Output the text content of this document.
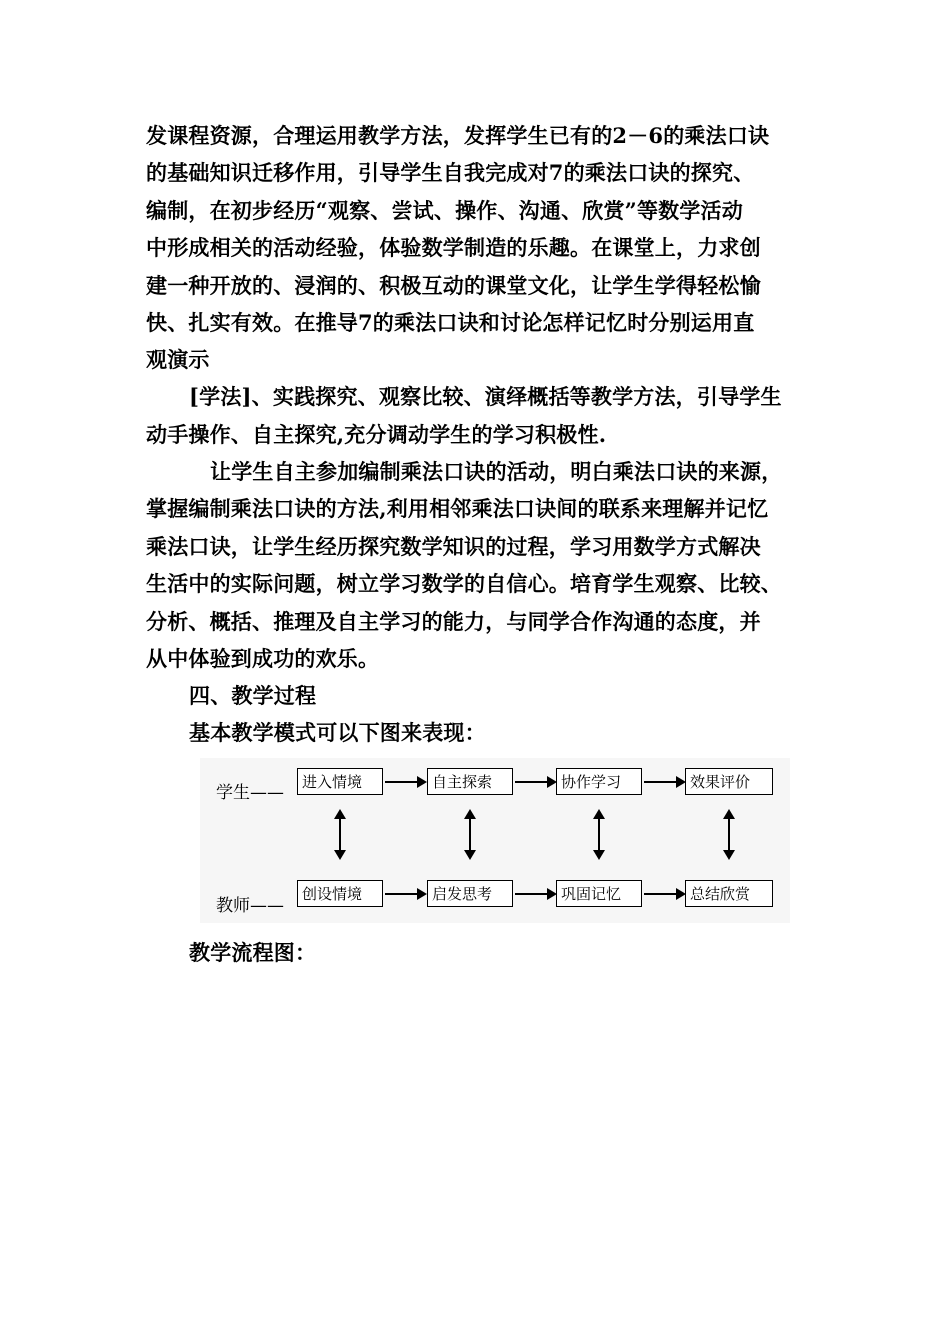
发课程资源，合理运用教学方法，发挥学生已有的2－6的乘法口诀
的基础知识迁移作用，引导学生自我完成对7的乘法口诀的探究、
编制，在初步经历“观察、尝试、操作、沟通、欣赏”等数学活动
中形成相关的活动经验，体验数学制造的乐趣。在课堂上，力求创
建一种开放的、浸润的、积极互动的课堂文化，让学生学得轻松愉
快、扎实有效。在推导7的乘法口诀和讨论怎样记忆时分别运用直
观演示
[学法]、实践探究、观察比较、演绎概括等教学方法，引导学生
动手操作、自主探究,充分调动学生的学习积极性.
让学生自主参加编制乘法口诀的活动，明白乘法口诀的来源，
掌握编制乘法口诀的方法,利用相邻乘法口诀间的联系来理解并记忆
乘法口诀，让学生经历探究数学知识的过程，学习用数学方式解决
生活中的实际问题，树立学习数学的自信心。培育学生观察、比较、
分析、概括、推理及自主学习的能力，与同学合作沟通的态度，并
从中体验到成功的欢乐。
四、教学过程
基本教学模式可以下图来表现：
学生——
教师——
进入情境	自主探索	协作学习	效果评价
创设情境	启发思考	巩固记忆	总结欣赏
教学流程图：
